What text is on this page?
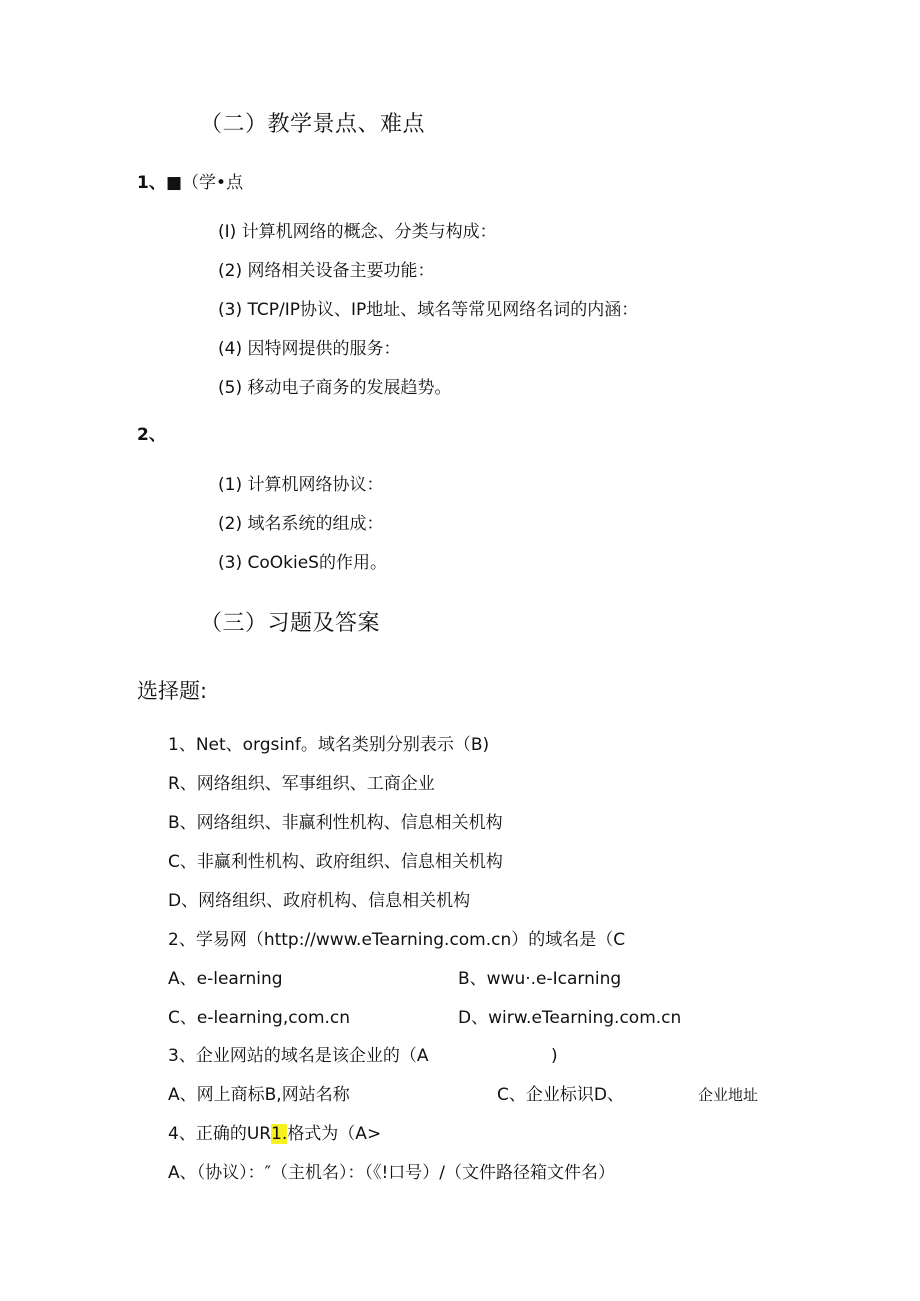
（二）教学景点、难点
1、 ■（学•点
(I) 计算机网络的概念、分类与构成：
(2) 网络相关设备主要功能：
(3) TCP/IP协议、IP地址、域名等常见网络名词的内涵：
(4) 因特网提供的服务：
(5) 移动电子商务的发展趋势。
2、
(1) 计算机网络协议：
(2) 域名系统的组成：
(3) CoOkieS的作用。
（三）习题及答案
选择题:
1、Net、orgsinf。域名类别分别表示（B)
R、网络组织、军事组织、工商企业
B、网络组织、非赢利性机构、信息相关机构
C、非赢利性机构、政府组织、信息相关机构
D、网络组织、政府机构、信息相关机构
2、学易网（http://www.eTearning.com.cn）的域名是（C
A、e-learning	B、wwu·.e-Icarning
C、e-learning,com.cn	D、wirw.eTearning.com.cn
3、企业网站的域名是该企业的（A	)
A、网上商标B,网站名称	C、企业标识D、	企业地址
4、正确的UR1.格式为（A>
A、（协议）：″（主机名）：（《!口号）/（文件路径箱文件名）
